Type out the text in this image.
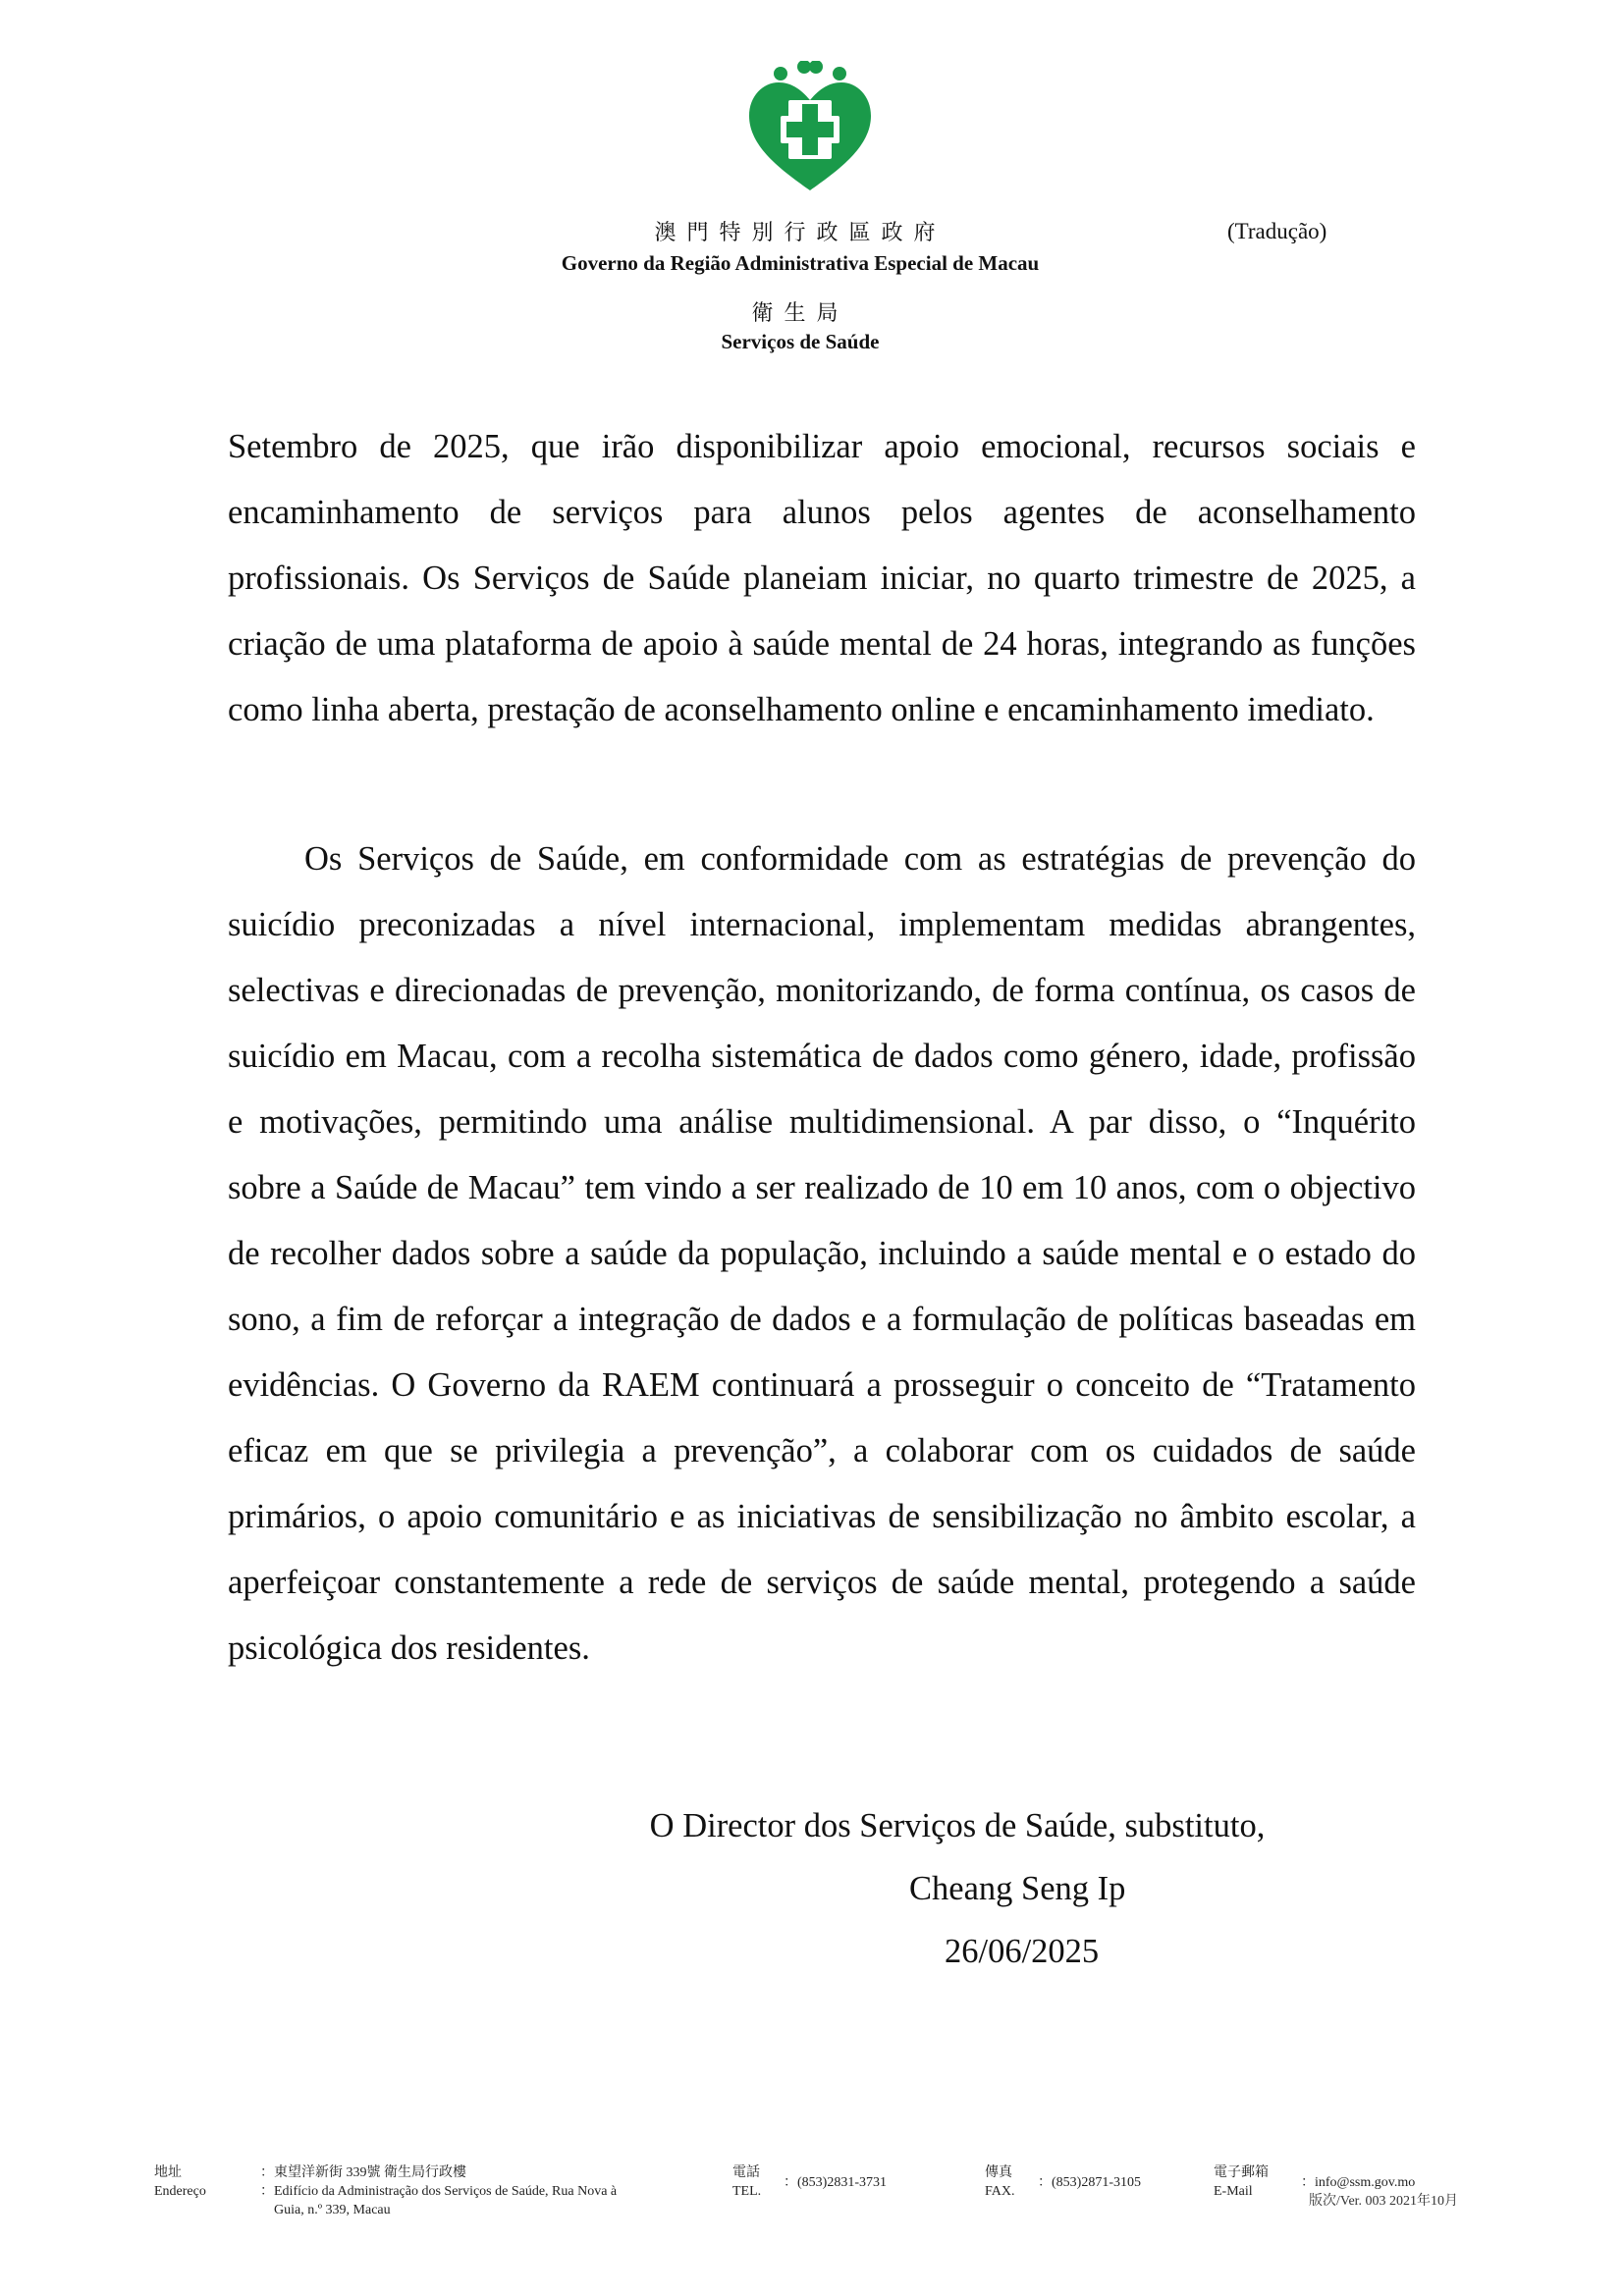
澳門特別行政區政府
Governo da Região Administrativa Especial de Macau
衛生局
Serviços de Saúde
(Tradução)

Setembro de 2025, que irão disponibilizar apoio emocional, recursos sociais e encaminhamento de serviços para alunos pelos agentes de aconselhamento profissionais. Os Serviços de Saúde planeiam iniciar, no quarto trimestre de 2025, a criação de uma plataforma de apoio à saúde mental de 24 horas, integrando as funções como linha aberta, prestação de aconselhamento online e encaminhamento imediato.

Os Serviços de Saúde, em conformidade com as estratégias de prevenção do suicídio preconizadas a nível internacional, implementam medidas abrangentes, selectivas e direcionadas de prevenção, monitorizando, de forma contínua, os casos de suicídio em Macau, com a recolha sistemática de dados como género, idade, profissão e motivações, permitindo uma análise multidimensional. A par disso, o “Inquérito sobre a Saúde de Macau” tem vindo a ser realizado de 10 em 10 anos, com o objectivo de recolher dados sobre a saúde da população, incluindo a saúde mental e o estado do sono, a fim de reforçar a integração de dados e a formulação de políticas baseadas em evidências. O Governo da RAEM continuará a prosseguir o conceito de “Tratamento eficaz em que se privilegia a prevenção”, a colaborar com os cuidados de saúde primários, o apoio comunitário e as iniciativas de sensibilização no âmbito escolar, a aperfeiçoar constantemente a rede de serviços de saúde mental, protegendo a saúde psicológica dos residentes.

O Director dos Serviços de Saúde, substituto,
Cheang Seng Ip
26/06/2025
地址
Endereço
：東望洋新街 339號 衛生局行政樓
：Edifício da Administração dos Serviços de Saúde, Rua Nova à
Guia, n.º 339, Macau
電話
TEL.
：(853)2831-3731
傳真
FAX.
：(853)2871-3105
電子郵箱
E-Mail
：info@ssm.gov.mo
版次/Ver. 003 2021年10月
